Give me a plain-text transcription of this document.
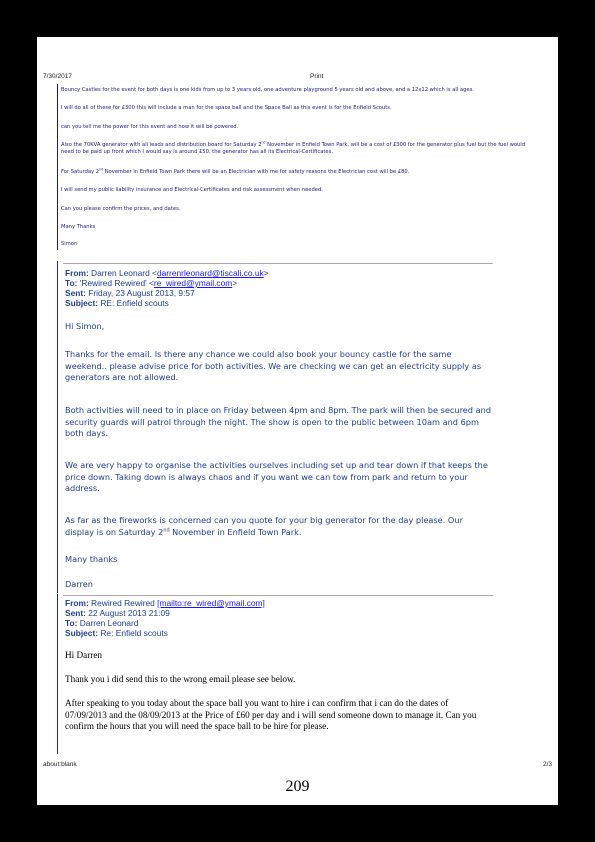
7/30/2017	Print

Bouncy Castles for the event for both days is one kids from up to 3 years old, one adventure playground 5 years old and above, and a 12x12 which is all ages.

I will do all of these for £300 this will include a man for the space ball and the Space Ball as this event is for the Enfield Scouts.

can you tell me the power for this event and how it will be powered.

Also the 70KVA generator with all leads and distribution board for Saturday 2nd November in Enfield Town Park, will be a cost of £300 for the generator plus fuel but the fuel would need to be paid up front which I would say is around £50. the generator has all its Electrical-Certificates.

For Saturday 2nd November in Enfield Town Park there will be an Electrician with me for safety reasons the Electrician cost will be £80.

I will send my public liability insurance and Electrical-Certificates and risk assessment when needed.

Can you please confirm the prices, and dates.

Many Thanks

Simon

From: Darren Leonard <darrenrleonard@tiscali.co.uk>
To: 'Rewired Rewired' <re_wired@ymail.com>
Sent: Friday, 23 August 2013, 9:57
Subject: RE: Enfield scouts

Hi Simon,

Thanks for the email. Is there any chance we could also book your bouncy castle for the same weekend.. please advise price for both activities. We are checking we can get an electricity supply as generators are not allowed.

Both activities will need to in place on Friday between 4pm and 8pm. The park will then be secured and security guards will patrol through the night. The show is open to the public between 10am and 6pm both days.

We are very happy to organise the activities ourselves including set up and tear down if that keeps the price down. Taking down is always chaos and if you want we can tow from park and return to your address.

As far as the fireworks is concerned can you quote for your big generator for the day please. Our display is on Saturday 2nd November in Enfield Town Park.

Many thanks

Darren

From: Rewired Rewired [mailto:re_wired@ymail.com]
Sent: 22 August 2013 21:09
To: Darren Leonard
Subject: Re: Enfield scouts

Hi Darren

Thank you i did send this to the wrong email please see below.

After speaking to you today about the space ball you want to hire i can confirm that i can do the dates of 07/09/2013 and the 08/09/2013 at the Price of £60 per day and i will send someone down to manage it. Can you confirm the hours that you will need the space ball to be hire for please.

about:blank	2/3
209
